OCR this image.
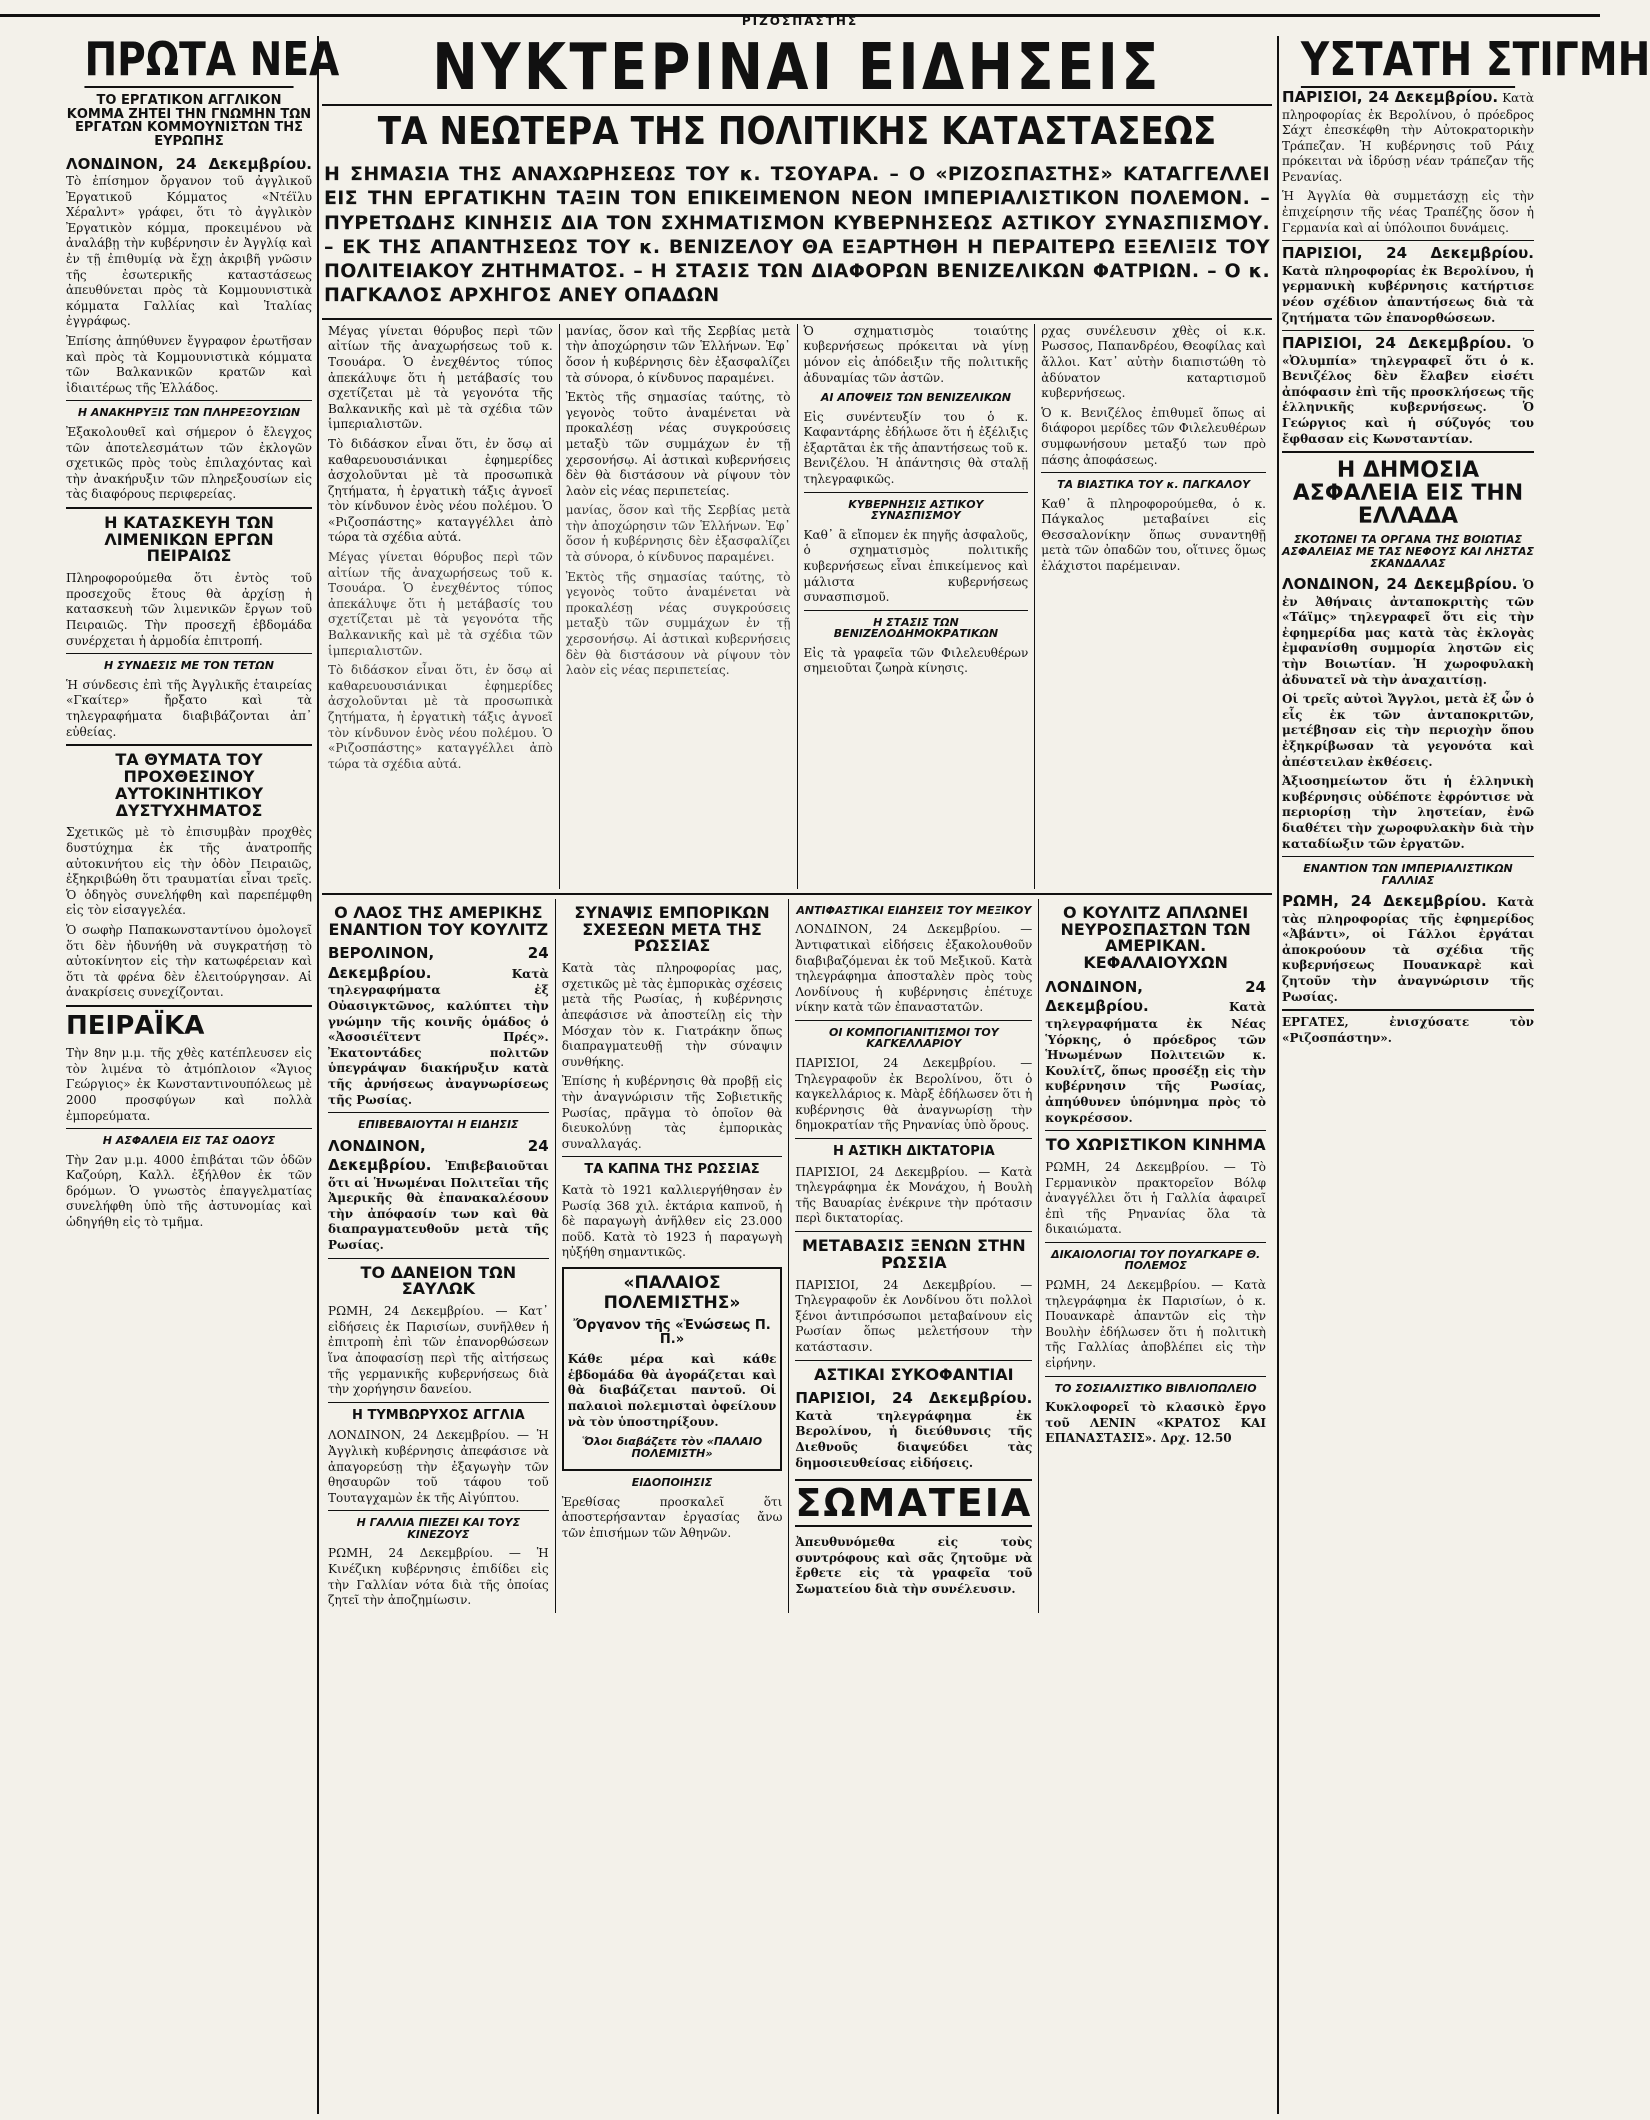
ΡΙΖΟΣΠΑΣΤΗΣ
ΠΡΩΤΑ ΝΕΑ
ΤΟ ΕΡΓΑΤΙΚΟΝ ΑΓΓΛΙΚΟΝ ΚΟΜΜΑ ΖΗΤΕΙ ΤΗΝ ΓΝΩΜΗΝ ΤΩΝ ΕΡΓΑΤΩΝ ΚΟΜΜΟΥΝΙΣΤΩΝ ΤΗΣ ΕΥΡΩΠΗΣ

ΛΟΝΔΙΝΟΝ, 24 Δεκεμβρίου. Τὸ ἐπίσημον ὄργανον τοῦ ἀγγλικοῦ Ἐργατικοῦ Κόμματος «Ντέϊλυ Χέραλντ» γράφει, ὅτι τὸ ἀγγλικὸν Ἐργατικὸν κόμμα, προκειμένου νὰ ἀναλάβῃ τὴν κυβέρνησιν ἐν Ἀγγλίᾳ καὶ ἐν τῇ ἐπιθυμίᾳ νὰ ἔχῃ ἀκριβῆ γνῶσιν τῆς ἐσωτερικῆς καταστάσεως ἀπευθύνεται πρὸς τὰ Κομμουνιστικὰ κόμματα Γαλλίας καὶ Ἰταλίας ἐγγράφως.

Ἐπίσης ἀπηύθυνεν ἔγγραφον ἐρωτῆσαν καὶ πρὸς τὰ Κομμουνιστικὰ κόμματα τῶν Βαλκανικῶν κρατῶν καὶ ἰδιαιτέρως τῆς Ἑλλάδος.

Η ΑΝΑΚΗΡΥΞΙΣ ΤΩΝ ΠΛΗΡΕΞΟΥΣΙΩΝ

Ἐξακολουθεῖ καὶ σήμερον ὁ ἔλεγχος τῶν ἀποτελεσμάτων τῶν ἐκλογῶν σχετικῶς πρὸς τοὺς ἐπιλαχόντας καὶ τὴν ἀνακήρυξιν τῶν πληρεξουσίων εἰς τὰς διαφόρους περιφερείας.

Η ΚΑΤΑΣΚΕΥΗ ΤΩΝ ΛΙΜΕΝΙΚΩΝ ΕΡΓΩΝ ΠΕΙΡΑΙΩΣ

Πληροφορούμεθα ὅτι ἐντὸς τοῦ προσεχοῦς ἔτους θὰ ἀρχίσῃ ἡ κατασκευὴ τῶν λιμενικῶν ἔργων τοῦ Πειραιῶς. Τὴν προσεχῆ ἑβδομάδα συνέρχεται ἡ ἀρμοδία ἐπιτροπή.

Η ΣΥΝΔΕΣΙΣ ΜΕ ΤΟΝ ΤΕΤΩΝ

Ἡ σύνδεσις ἐπὶ τῆς Ἀγγλικῆς ἑταιρείας «Γκαίτερ» ἤρξατο καὶ τὰ τηλεγραφήματα διαβιβάζονται ἀπ᾽ εὐθείας.

ΤΑ ΘΥΜΑΤΑ ΤΟΥ ΠΡΟΧΘΕΣΙΝΟΥ ΑΥΤΟΚΙΝΗΤΙΚΟΥ ΔΥΣΤΥΧΗΜΑΤΟΣ

Σχετικῶς μὲ τὸ ἐπισυμβὰν προχθὲς δυστύχημα ἐκ τῆς ἀνατροπῆς αὐτοκινήτου εἰς τὴν ὁδὸν Πειραιῶς, ἐξηκριβώθη ὅτι τραυματίαι εἶναι τρεῖς. Ὁ ὁδηγὸς συνελήφθη καὶ παρεπέμφθη εἰς τὸν εἰσαγγελέα.

Ὁ σωφὴρ Παπακωνσταντίνου ὁμολογεῖ ὅτι δὲν ἠδυνήθη νὰ συγκρατήσῃ τὸ αὐτοκίνητον εἰς τὴν κατωφέρειαν καὶ ὅτι τὰ φρένα δὲν ἐλειτούργησαν. Αἱ ἀνακρίσεις συνεχίζονται.

ΠΕΙΡΑΪΚΑ

Τὴν 8ην μ.μ. τῆς χθὲς κατέπλευσεν εἰς τὸν λιμένα τὸ ἀτμόπλοιον «Ἅγιος Γεώργιος» ἐκ Κωνσταντινουπόλεως μὲ 2000 προσφύγων καὶ πολλὰ ἐμπορεύματα.

Η ΑΣΦΑΛΕΙΑ ΕΙΣ ΤΑΣ ΟΔΟΥΣ

Τὴν 2αν μ.μ. 4000 ἐπιβάται τῶν ὁδῶν Καζούρη, Καλλ. ἐξήλθον ἐκ τῶν δρόμων. Ὁ γνωστὸς ἐπαγγελματίας συνελήφθη ὑπὸ τῆς ἀστυνομίας καὶ ὡδηγήθη εἰς τὸ τμῆμα.

ΝΥΚΤΕΡΙΝΑΙ ΕΙΔΗΣΕΙΣ
ΤΑ ΝΕΩΤΕΡΑ ΤΗΣ ΠΟΛΙΤΙΚΗΣ ΚΑΤΑΣΤΑΣΕΩΣ
Η ΣΗΜΑΣΙΑ ΤΗΣ ΑΝΑΧΩΡΗΣΕΩΣ ΤΟΥ κ. ΤΣΟΥΑΡΑ. – Ο «ΡΙΖΟΣΠΑΣΤΗΣ» ΚΑΤΑΓΓΕΛΛΕΙ ΕΙΣ ΤΗΝ ΕΡΓΑΤΙΚΗΝ ΤΑΞΙΝ ΤΟΝ ΕΠΙΚΕΙΜΕΝΟΝ ΝΕΟΝ ΙΜΠΕΡΙΑΛΙΣΤΙΚΟΝ ΠΟΛΕΜΟΝ. – ΠΥΡΕΤΩΔΗΣ ΚΙΝΗΣΙΣ ΔΙΑ ΤΟΝ ΣΧΗΜΑΤΙΣΜΟΝ ΚΥΒΕΡΝΗΣΕΩΣ ΑΣΤΙΚΟΥ ΣΥΝΑΣΠΙΣΜΟΥ. – ΕΚ ΤΗΣ ΑΠΑΝΤΗΣΕΩΣ ΤΟΥ κ. ΒΕΝΙΖΕΛΟΥ ΘΑ ΕΞΑΡΤΗΘΗ Η ΠΕΡΑΙΤΕΡΩ ΕΞΕΛΙΞΙΣ ΤΟΥ ΠΟΛΙΤΕΙΑΚΟΥ ΖΗΤΗΜΑΤΟΣ. – Η ΣΤΑΣΙΣ ΤΩΝ ΔΙΑΦΟΡΩΝ ΒΕΝΙΖΕΛΙΚΩΝ ΦΑΤΡΙΩΝ. – Ο κ. ΠΑΓΚΑΛΟΣ ΑΡΧΗΓΟΣ ΑΝΕΥ ΟΠΑΔΩΝ

Μέγας γίνεται θόρυβος περὶ τῶν αἰτίων τῆς ἀναχωρήσεως τοῦ κ. Τσουάρα. Ὁ ἐνεχθέντος τύπος ἀπεκάλυψε ὅτι ἡ μετάβασίς του σχετίζεται μὲ τὰ γεγονότα τῆς Βαλκανικῆς καὶ μὲ τὰ σχέδια τῶν ἱμπεριαλιστῶν.

Τὸ διδάσκον εἶναι ὅτι, ἐν ὅσῳ αἱ καθαρευουσιάνικαι ἐφημερίδες ἀσχολοῦνται μὲ τὰ προσωπικὰ ζητήματα, ἡ ἐργατικὴ τάξις ἀγνοεῖ τὸν κίνδυνον ἑνὸς νέου πολέμου. Ὁ «Ριζοσπάστης» καταγγέλλει ἀπὸ τώρα τὰ σχέδια αὐτά.

Μέγας γίνεται θόρυβος περὶ τῶν αἰτίων τῆς ἀναχωρήσεως τοῦ κ. Τσουάρα. Ὁ ἐνεχθέντος τύπος ἀπεκάλυψε ὅτι ἡ μετάβασίς του σχετίζεται μὲ τὰ γεγονότα τῆς Βαλκανικῆς καὶ μὲ τὰ σχέδια τῶν ἱμπεριαλιστῶν.

Τὸ διδάσκον εἶναι ὅτι, ἐν ὅσῳ αἱ καθαρευουσιάνικαι ἐφημερίδες ἀσχολοῦνται μὲ τὰ προσωπικὰ ζητήματα, ἡ ἐργατικὴ τάξις ἀγνοεῖ τὸν κίνδυνον ἑνὸς νέου πολέμου. Ὁ «Ριζοσπάστης» καταγγέλλει ἀπὸ τώρα τὰ σχέδια αὐτά.

μανίας, ὅσον καὶ τῆς Σερβίας μετὰ τὴν ἀποχώρησιν τῶν Ἑλλήνων. Ἐφ᾽ ὅσον ἡ κυβέρνησις δὲν ἐξασφαλίζει τὰ σύνορα, ὁ κίνδυνος παραμένει.

Ἐκτὸς τῆς σημασίας ταύτης, τὸ γεγονὸς τοῦτο ἀναμένεται νὰ προκαλέσῃ νέας συγκρούσεις μεταξὺ τῶν συμμάχων ἐν τῇ χερσονήσῳ. Αἱ ἀστικαὶ κυβερνήσεις δὲν θὰ διστάσουν νὰ ρίψουν τὸν λαὸν εἰς νέας περιπετείας.

μανίας, ὅσον καὶ τῆς Σερβίας μετὰ τὴν ἀποχώρησιν τῶν Ἑλλήνων. Ἐφ᾽ ὅσον ἡ κυβέρνησις δὲν ἐξασφαλίζει τὰ σύνορα, ὁ κίνδυνος παραμένει.

Ἐκτὸς τῆς σημασίας ταύτης, τὸ γεγονὸς τοῦτο ἀναμένεται νὰ προκαλέσῃ νέας συγκρούσεις μεταξὺ τῶν συμμάχων ἐν τῇ χερσονήσῳ. Αἱ ἀστικαὶ κυβερνήσεις δὲν θὰ διστάσουν νὰ ρίψουν τὸν λαὸν εἰς νέας περιπετείας.

Ὁ σχηματισμὸς τοιαύτης κυβερνήσεως πρόκειται νὰ γίνῃ μόνον εἰς ἀπόδειξιν τῆς πολιτικῆς ἀδυναμίας τῶν ἀστῶν.

ΑΙ ΑΠΟΨΕΙΣ ΤΩΝ ΒΕΝΙΖΕΛΙΚΩΝ

Εἰς συνέντευξίν του ὁ κ. Καφαντάρης ἐδήλωσε ὅτι ἡ ἐξέλιξις ἐξαρτᾶται ἐκ τῆς ἀπαντήσεως τοῦ κ. Βενιζέλου. Ἡ ἀπάντησις θὰ σταλῇ τηλεγραφικῶς.

ΚΥΒΕΡΝΗΣΙΣ ΑΣΤΙΚΟΥ ΣΥΝΑΣΠΙΣΜΟΥ

Καθ᾽ ἃ εἴπομεν ἐκ πηγῆς ἀσφαλοῦς, ὁ σχηματισμὸς πολιτικῆς κυβερνήσεως εἶναι ἐπικείμενος καὶ μάλιστα κυβερνήσεως συνασπισμοῦ.

Η ΣΤΑΣΙΣ ΤΩΝ ΒΕΝΙΖΕΛΟΔΗΜΟΚΡΑΤΙΚΩΝ

Εἰς τὰ γραφεῖα τῶν Φιλελευθέρων σημειοῦται ζωηρὰ κίνησις.

ρχας συνέλευσιν χθὲς οἱ κ.κ. Ρωσσος, Παπανδρέου, Θεοφίλας καὶ ἄλλοι. Κατ᾽ αὐτὴν διαπιστώθη τὸ ἀδύνατον καταρτισμοῦ κυβερνήσεως.

Ὁ κ. Βενιζέλος ἐπιθυμεῖ ὅπως αἱ διάφοροι μερίδες τῶν Φιλελευθέρων συμφωνήσουν μεταξύ των πρὸ πάσης ἀποφάσεως.

ΤΑ ΒΙΑΣΤΙΚΑ ΤΟΥ κ. ΠΑΓΚΑΛΟΥ

Καθ᾽ ἃ πληροφορούμεθα, ὁ κ. Πάγκαλος μεταβαίνει εἰς Θεσσαλονίκην ὅπως συναντηθῇ μετὰ τῶν ὀπαδῶν του, οἵτινες ὅμως ἐλάχιστοι παρέμειναν.

Ο ΛΑΟΣ ΤΗΣ ΑΜΕΡΙΚΗΣ ΕΝΑΝΤΙΟΝ ΤΟΥ ΚΟΥΛΙΤΖ

ΒΕΡΟΛΙΝΟΝ, 24 Δεκεμβρίου.	Κατὰ τηλεγραφήματα ἐξ Οὐασιγκτῶνος, καλύπτει τὴν γνώμην τῆς κοινῆς ὁμάδος ὁ «Ἀσοσιέϊτεντ Πρές». Ἐκατοντάδες πολιτῶν ὑπεγράψαν διακήρυξιν κατὰ τῆς ἀρνήσεως ἀναγνωρίσεως τῆς Ρωσίας.

ΕΠΙΒΕΒΑΙΟΥΤΑΙ Η ΕΙΔΗΣΙΣ

ΛΟΝΔΙΝΟΝ, 24 Δεκεμβρίου. Ἐπιβεβαιοῦται ὅτι αἱ Ἡνωμέναι Πολιτεῖαι τῆς Ἀμερικῆς θὰ ἐπανακαλέσουν τὴν ἀπόφασίν των καὶ θὰ διαπραγματευθοῦν μετὰ τῆς Ρωσίας.

ΤΟ ΔΑΝΕΙΟΝ ΤΩΝ ΣΑΥΛΩΚ

ΡΩΜΗ, 24 Δεκεμβρίου. — Κατ᾽ εἰδήσεις ἐκ Παρισίων, συνῆλθεν ἡ ἐπιτροπὴ ἐπὶ τῶν ἐπανορθώσεων ἵνα ἀποφασίσῃ περὶ τῆς αἰτήσεως τῆς γερμανικῆς κυβερνήσεως διὰ τὴν χορήγησιν δανείου.

Η ΤΥΜΒΩΡΥΧΟΣ ΑΓΓΛΙΑ

ΛΟΝΔΙΝΟΝ, 24 Δεκεμβρίου. — Ἡ Ἀγγλικὴ κυβέρνησις ἀπεφάσισε νὰ ἀπαγορεύσῃ τὴν ἐξαγωγὴν τῶν θησαυρῶν τοῦ τάφου τοῦ Τουταγχαμὼν ἐκ τῆς Αἰγύπτου.

Η ΓΑΛΛΙΑ ΠΙΕΖΕΙ ΚΑΙ ΤΟΥΣ ΚΙΝΕΖΟΥΣ

ΡΩΜΗ, 24 Δεκεμβρίου. — Ἡ Κινέζικη κυβέρνησις ἐπιδίδει εἰς τὴν Γαλλίαν νότα διὰ τῆς ὁποίας ζητεῖ τὴν ἀποζημίωσιν.

ΣΥΝΑΨΙΣ ΕΜΠΟΡΙΚΩΝ ΣΧΕΣΕΩΝ ΜΕΤΑ ΤΗΣ ΡΩΣΣΙΑΣ

Κατὰ τὰς πληροφορίας μας, σχετικῶς μὲ τὰς ἐμπορικὰς σχέσεις μετὰ τῆς Ρωσίας, ἡ κυβέρνησις ἀπεφάσισε νὰ ἀποστείλῃ εἰς τὴν Μόσχαν τὸν κ. Γιατράκην ὅπως διαπραγματευθῇ τὴν σύναψιν συνθήκης.

Ἐπίσης ἡ κυβέρνησις θὰ προβῇ εἰς τὴν ἀναγνώρισιν τῆς Σοβιετικῆς Ρωσίας, πρᾶγμα τὸ ὁποῖον θὰ διευκολύνῃ τὰς ἐμπορικὰς συναλλαγάς.

ΤΑ ΚΑΠΝΑ ΤΗΣ ΡΩΣΣΙΑΣ

Κατὰ τὸ 1921 καλλιεργήθησαν ἐν Ρωσίᾳ 368 χιλ. ἑκτάρια καπνοῦ, ἡ δὲ παραγωγὴ ἀνῆλθεν εἰς 23.000 ποῦδ. Κατὰ τὸ 1923 ἡ παραγωγὴ ηὐξήθη σημαντικῶς.

«ΠΑΛΑΙΟΣ ΠΟΛΕΜΙΣΤΗΣ»
Ὄργανον τῆς «Ἑνώσεως Π. Π.»

Κάθε μέρα καὶ κάθε ἑβδομάδα θὰ ἀγοράζεται καὶ θὰ διαβάζεται παντοῦ. Οἱ παλαιοὶ πολεμισταὶ ὀφείλουν νὰ τὸν ὑποστηρίξουν.

Ὅλοι διαβάζετε τὸν «ΠΑΛΑΙΟ ΠΟΛΕΜΙΣΤΗ»
ΕΙΔΟΠΟΙΗΣΙΣ

Ἐρεθίσας προσκαλεῖ ὅτι ἀποστερήσανταν ἐργασίας ἄνω τῶν ἐπισήμων τῶν Ἀθηνῶν.

ΑΝΤΙΦΑΣΤΙΚΑΙ ΕΙΔΗΣΕΙΣ ΤΟΥ ΜΕΞΙΚΟΥ

ΛΟΝΔΙΝΟΝ, 24 Δεκεμβρίου. — Ἀντιφατικαὶ εἰδήσεις ἐξακολουθοῦν διαβιβαζόμεναι ἐκ τοῦ Μεξικοῦ. Κατὰ τηλεγράφημα ἀποσταλὲν πρὸς τοὺς Λονδίνους ἡ κυβέρνησις ἐπέτυχε νίκην κατὰ τῶν ἐπαναστατῶν.

ΟΙ ΚΟΜΠΟΓΙΑΝΙΤΙΣΜΟΙ ΤΟΥ ΚΑΓΚΕΛΛΑΡΙΟΥ

ΠΑΡΙΣΙΟΙ, 24 Δεκεμβρίου. — Τηλεγραφοῦν ἐκ Βερολίνου, ὅτι ὁ καγκελλάριος κ. Μὰρξ ἐδήλωσεν ὅτι ἡ κυβέρνησις θὰ ἀναγνωρίσῃ τὴν δημοκρατίαν τῆς Ρηνανίας ὑπὸ ὅρους.

Η ΑΣΤΙΚΗ ΔΙΚΤΑΤΟΡΙΑ

ΠΑΡΙΣΙΟΙ, 24 Δεκεμβρίου. — Κατὰ τηλεγράφημα ἐκ Μονάχου, ἡ Βουλὴ τῆς Βαυαρίας ἐνέκρινε τὴν πρότασιν περὶ δικτατορίας.

ΜΕΤΑΒΑΣΙΣ ΞΕΝΩΝ ΣΤΗΝ ΡΩΣΣΙΑ

ΠΑΡΙΣΙΟΙ, 24 Δεκεμβρίου. — Τηλεγραφοῦν ἐκ Λονδίνου ὅτι πολλοὶ ξένοι ἀντιπρόσωποι μεταβαίνουν εἰς Ρωσίαν ὅπως μελετήσουν τὴν κατάστασιν.

ΑΣΤΙΚΑΙ ΣΥΚΟΦΑΝΤΙΑΙ

ΠΑΡΙΣΙΟΙ, 24 Δεκεμβρίου. Κατὰ τηλεγράφημα ἐκ Βερολίνου, ἡ διεύθυνσις τῆς Διεθνοῦς διαψεύδει τὰς δημοσιευθείσας εἰδήσεις.

ΣΩΜΑΤΕΙΑ

Ἀπευθυνόμεθα εἰς τοὺς συντρόφους καὶ σᾶς ζητοῦμε νὰ ἔρθετε εἰς τὰ γραφεῖα τοῦ Σωματείου διὰ τὴν συνέλευσιν.

Ο ΚΟΥΛΙΤΖ ΑΠΛΩΝΕΙ ΝΕΥΡΟΣΠΑΣΤΩΝ ΤΩΝ ΑΜΕΡΙΚΑΝ. ΚΕΦΑΛΑΙΟΥΧΩΝ

ΛΟΝΔΙΝΟΝ, 24 Δεκεμβρίου.	Κατὰ τηλεγραφήματα ἐκ Νέας Ὑόρκης, ὁ πρόεδρος τῶν Ἡνωμένων Πολιτειῶν κ. Κουλίτζ, ὅπως προσέξῃ εἰς τὴν κυβέρνησιν τῆς Ρωσίας, ἀπηύθυνεν ὑπόμνημα πρὸς τὸ κογκρέσσον.

ΤΟ ΧΩΡΙΣΤΙΚΟΝ ΚΙΝΗΜΑ

ΡΩΜΗ, 24 Δεκεμβρίου. — Τὸ Γερμανικὸν πρακτορεῖον Βόλφ ἀναγγέλλει ὅτι ἡ Γαλλία ἀφαιρεῖ ἐπὶ τῆς Ρηνανίας ὅλα τὰ δικαιώματα.

ΔΙΚΑΙΟΛΟΓΙΑΙ ΤΟΥ ΠΟΥΑΓΚΑΡΕ Θ. ΠΟΛΕΜΟΣ

ΡΩΜΗ, 24 Δεκεμβρίου. — Κατὰ τηλεγράφημα ἐκ Παρισίων, ὁ κ. Πουανκαρὲ ἀπαντῶν εἰς τὴν Βουλὴν ἐδήλωσεν ὅτι ἡ πολιτικὴ τῆς Γαλλίας ἀποβλέπει εἰς τὴν εἰρήνην.

ΤΟ ΣΟΣΙΑΛΙΣΤΙΚΟ ΒΙΒΛΙΟΠΩΛΕΙΟ

Κυκλοφορεῖ τὸ κλασικὸ ἔργο τοῦ ΛΕΝΙΝ «ΚΡΑΤΟΣ ΚΑΙ ΕΠΑΝΑΣΤΑΣΙΣ». Δρχ. 12.50

ΥΣΤΑΤΗ ΣΤΙΓΜΗ

ΠΑΡΙΣΙΟΙ, 24 Δεκεμβρίου. Κατὰ πληροφορίας ἐκ Βερολίνου, ὁ πρόεδρος Σάχτ ἐπεσκέφθη τὴν Αὐτοκρατορικὴν Τράπεζαν. Ἡ κυβέρνησις τοῦ Ράιχ πρόκειται νὰ ἱδρύσῃ νέαν τράπεζαν τῆς Ρενανίας.

Ἡ Ἀγγλία θὰ συμμετάσχῃ εἰς τὴν ἐπιχείρησιν τῆς νέας Τραπέζης ὅσον ἡ Γερμανία καὶ αἱ ὑπόλοιποι δυνάμεις.

ΠΑΡΙΣΙΟΙ, 24 Δεκεμβρίου. Κατὰ πληροφορίας ἐκ Βερολίνου, ἡ γερμανικὴ κυβέρνησις κατήρτισε νέον σχέδιον ἀπαντήσεως διὰ τὰ ζητήματα τῶν ἐπανορθώσεων.

ΠΑΡΙΣΙΟΙ, 24 Δεκεμβρίου. Ὁ «Ὀλυμπία» τηλεγραφεῖ ὅτι ὁ κ. Βενιζέλος δὲν ἔλαβεν εἰσέτι ἀπόφασιν ἐπὶ τῆς προσκλήσεως τῆς ἑλληνικῆς κυβερνήσεως. Ὁ Γεώργιος καὶ ἡ σύζυγός του ἔφθασαν εἰς Κωνσταντίαν.

Η ΔΗΜΟΣΙΑ ΑΣΦΑΛΕΙΑ ΕΙΣ ΤΗΝ ΕΛΛΑΔΑ
ΣΚΟΤΩΝΕΙ ΤΑ ΟΡΓΑΝΑ ΤΗΣ ΒΟΙΩΤΙΑΣ ΑΣΦΑΛΕΙΑΣ ΜΕ ΤΑΣ ΝΕΦΟΥΣ ΚΑΙ ΛΗΣΤΑΣ ΣΚΑΝΔΑΛΑΣ

ΛΟΝΔΙΝΟΝ, 24 Δεκεμβρίου. Ὁ ἐν Ἀθήναις ἀνταποκριτὴς τῶν «Τάϊμς» τηλεγραφεῖ ὅτι εἰς τὴν ἐφημερίδα μας κατὰ τὰς ἐκλογὰς ἐμφανίσθη συμμορία ληστῶν εἰς τὴν Βοιωτίαν. Ἡ χωροφυλακὴ ἀδυνατεῖ νὰ τὴν ἀναχαιτίσῃ.

Οἱ τρεῖς αὐτοὶ Ἄγγλοι, μετὰ ἐξ ὧν ὁ εἷς ἐκ τῶν ἀνταποκριτῶν, μετέβησαν εἰς τὴν περιοχὴν ὅπου ἐξηκρίβωσαν τὰ γεγονότα καὶ ἀπέστειλαν ἐκθέσεις.

Ἀξιοσημείωτον ὅτι ἡ ἑλληνικὴ κυβέρνησις οὐδέποτε ἐφρόντισε νὰ περιορίσῃ τὴν ληστείαν, ἐνῶ διαθέτει τὴν χωροφυλακὴν διὰ τὴν καταδίωξιν τῶν ἐργατῶν.

ΕΝΑΝΤΙΟΝ ΤΩΝ ΙΜΠΕΡΙΑΛΙΣΤΙΚΩΝ ΓΑΛΛΙΑΣ

ΡΩΜΗ, 24 Δεκεμβρίου. Κατὰ τὰς πληροφορίας τῆς ἐφημερίδος «Ἀβάντι», οἱ Γάλλοι ἐργάται ἀποκρούουν τὰ σχέδια τῆς κυβερνήσεως Πουανκαρὲ καὶ ζητοῦν τὴν ἀναγνώρισιν τῆς Ρωσίας.

ΕΡΓΑΤΕΣ, ἐνισχύσατε τὸν «Ριζοσπάστην».
